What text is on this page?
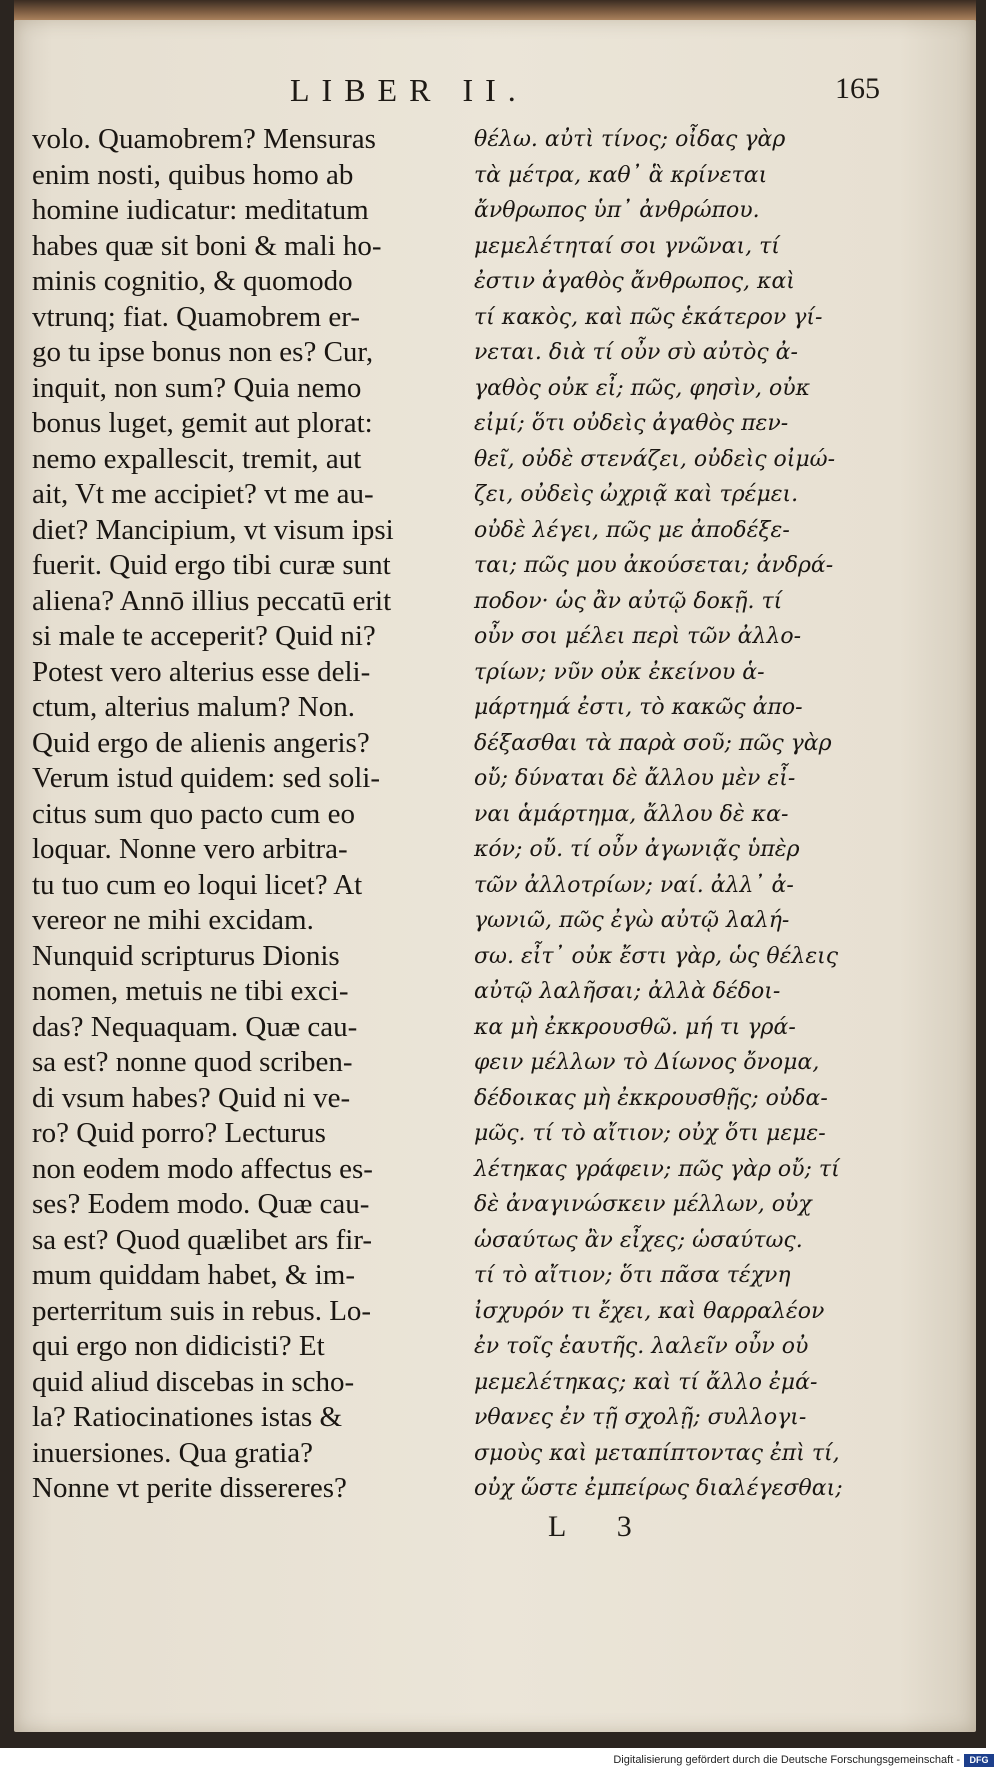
LIBER II.	165
volo. Quamobrem? Mensuras
enim nosti, quibus homo ab
homine iudicatur: meditatum
habes quæ sit boni & mali ho-
minis cognitio, & quomodo
vtrunq; fiat. Quamobrem er-
go tu ipse bonus non es? Cur,
inquit, non sum? Quia nemo
bonus luget, gemit aut plorat:
nemo expallescit, tremit, aut
ait, Vt me accipiet? vt me au-
diet? Mancipium, vt visum ipsi
fuerit. Quid ergo tibi curæ sunt
aliena? Annō illius peccatū erit
si male te acceperit? Quid ni?
Potest vero alterius esse deli-
ctum, alterius malum? Non.
Quid ergo de alienis angeris?
Verum istud quidem: sed soli-
citus sum quo pacto cum eo
loquar. Nonne vero arbitra-
tu tuo cum eo loqui licet? At
vereor ne mihi excidam.
Nunquid scripturus Dionis
nomen, metuis ne tibi exci-
das? Nequaquam. Quæ cau-
sa est? nonne quod scriben-
di vsum habes? Quid ni ve-
ro? Quid porro? Lecturus
non eodem modo affectus es-
ses? Eodem modo. Quæ cau-
sa est? Quod quælibet ars fir-
mum quiddam habet, & im-
perterritum suis in rebus. Lo-
qui ergo non didicisti? Et
quid aliud discebas in scho-
la? Ratiocinationes istas &
inuersiones. Qua gratia?
Nonne vt perite dissereres?
θέλω. αὐτὶ τίνος; οἶδας γὰρ
τὰ μέτρα, καθ᾽ ἃ κρίνεται
ἄνθρωπος ὑπ᾽ ἀνθρώπου.
μεμελέτηταί σοι γνῶναι, τί
ἐστιν ἀγαθὸς ἄνθρωπος, καὶ
τί κακὸς, καὶ πῶς ἑκάτερον γί-
νεται. διὰ τί οὖν σὺ αὐτὸς ἀ-
γαθὸς οὐκ εἶ; πῶς, φησὶν, οὐκ
εἰμί; ὅτι οὐδεὶς ἀγαθὸς πεν-
θεῖ, οὐδὲ στενάζει, οὐδεὶς οἰμώ-
ζει, οὐδεὶς ὠχριᾷ καὶ τρέμει.
οὐδὲ λέγει, πῶς με ἀποδέξε-
ται; πῶς μου ἀκούσεται; ἀνδρά-
ποδον· ὡς ἂν αὐτῷ δοκῇ. τί
οὖν σοι μέλει περὶ τῶν ἀλλο-
τρίων; νῦν οὐκ ἐκείνου ἁ-
μάρτημά ἐστι, τὸ κακῶς ἀπο-
δέξασθαι τὰ παρὰ σοῦ; πῶς γὰρ
οὔ; δύναται δὲ ἄλλου μὲν εἶ-
ναι ἁμάρτημα, ἄλλου δὲ κα-
κόν; οὔ. τί οὖν ἀγωνιᾷς ὑπὲρ
τῶν ἀλλοτρίων; ναί. ἀλλ᾽ ἀ-
γωνιῶ, πῶς ἐγὼ αὐτῷ λαλή-
σω. εἶτ᾽ οὐκ ἔστι γὰρ, ὡς θέλεις
αὐτῷ λαλῆσαι; ἀλλὰ δέδοι-
κα μὴ ἐκκρουσθῶ. μή τι γρά-
φειν μέλλων τὸ Δίωνος ὄνομα,
δέδοικας μὴ ἐκκρουσθῇς; οὐδα-
μῶς. τί τὸ αἴτιον; οὐχ ὅτι μεμε-
λέτηκας γράφειν; πῶς γὰρ οὔ; τί
δὲ ἀναγινώσκειν μέλλων, οὐχ
ὡσαύτως ἂν εἶχες; ὡσαύτως.
τί τὸ αἴτιον; ὅτι πᾶσα τέχνη
ἰσχυρόν τι ἔχει, καὶ θαρραλέον
ἐν τοῖς ἑαυτῆς. λαλεῖν οὖν οὐ
μεμελέτηκας; καὶ τί ἄλλο ἐμά-
νθανες ἐν τῇ σχολῇ; συλλογι-
σμοὺς καὶ μεταπίπτοντας ἐπὶ τί,
οὐχ ὥστε ἐμπείρως διαλέγεσθαι;
L 3
Digitalisierung gefördert durch die Deutsche Forschungsgemeinschaft -	DFG
